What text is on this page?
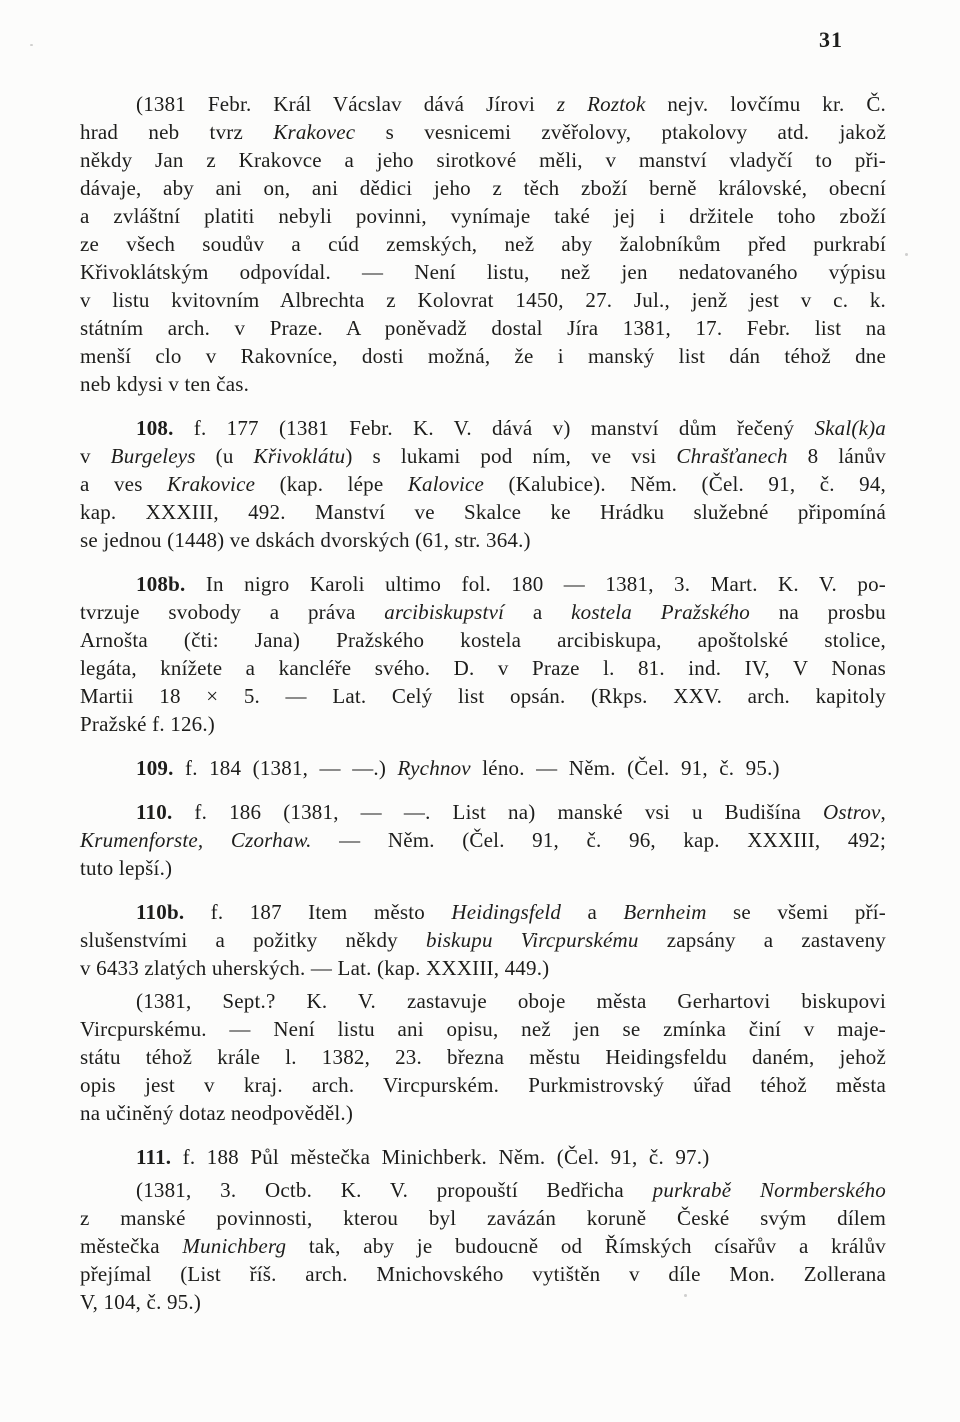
31
(1381 Febr. Král Vácslav dává Jírovi z Roztok nejv. lovčímu kr. Č.
hrad neb tvrz Krakovec s vesnicemi zvěřolovy, ptakolovy atd. jakož
někdy Jan z Krakovce a jeho sirotkové měli, v manství vladyčí to při-
dávaje, aby ani on, ani dědici jeho z těch zboží berně královské, obecní
a zvláštní platiti nebyli povinni, vynímaje také jej i držitele toho zboží
ze všech soudův a cúd zemských, než aby žalobníkům před purkrabí
Křivoklátským odpovídal. — Není listu, než jen nedatovaného výpisu
v listu kvitovním Albrechta z Kolovrat 1450, 27. Jul., jenž jest v c. k.
státním arch. v Praze. A poněvadž dostal Jíra 1381, 17. Febr. list na
menší clo v Rakovníce, dosti možná, že i manský list dán téhož dne
neb kdysi v ten čas.
108. f. 177 (1381 Febr. K. V. dává v) manství dům řečený Skal(k)a
v Burgeleys (u Křivoklátu) s lukami pod ním, ve vsi Chrašťanech 8 lánův
a ves Krakovice (kap. lépe Kalovice (Kalubice). Něm. (Čel. 91, č. 94,
kap. XXXIII, 492. Manství ve Skalce ke Hrádku služebné připomíná
se jednou (1448) ve dskách dvorských (61, str. 364.)
108b. In nigro Karoli ultimo fol. 180 — 1381, 3. Mart. K. V. po-
tvrzuje svobody a práva arcibiskupství a kostela Pražského na prosbu
Arnošta (čti: Jana) Pražského kostela arcibiskupa, apoštolské stolice,
legáta, knížete a kancléře svého. D. v Praze l. 81. ind. IV, V Nonas
Martii 18 × 5. — Lat. Celý list opsán. (Rkps. XXV. arch. kapitoly
Pražské f. 126.)
109. f. 184 (1381, — —.) Rychnov léno. — Něm. (Čel. 91, č. 95.)
110. f. 186 (1381, — —. List na) manské vsi u Budišína Ostrov,
Krumenforste, Czorhaw. — Něm. (Čel. 91, č. 96, kap. XXXIII, 492;
tuto lepší.)
110b. f. 187 Item město Heidingsfeld a Bernheim se všemi pří-
slušenstvími a požitky někdy biskupu Vircpurskému zapsány a zastaveny
v 6433 zlatých uherských. — Lat. (kap. XXXIII, 449.)
(1381, Sept.? K. V. zastavuje oboje města Gerhartovi biskupovi
Vircpurskému. — Není listu ani opisu, než jen se zmínka činí v maje-
státu téhož krále l. 1382, 23. března městu Heidingsfeldu daném, jehož
opis jest v kraj. arch. Vircpurském. Purkmistrovský úřad téhož města
na učiněný dotaz neodpověděl.)
111. f. 188 Půl městečka Minichberk. Něm. (Čel. 91, č. 97.)
(1381, 3. Octb. K. V. propouští Bedřicha purkrabě Normberského
z manské povinnosti, kterou byl zavázán koruně České svým dílem
městečka Munichberg tak, aby je budoucně od Římských císařův a králův
přejímal (List říš. arch. Mnichovského vytištěn v díle Mon. Zollerana
V, 104, č. 95.)
